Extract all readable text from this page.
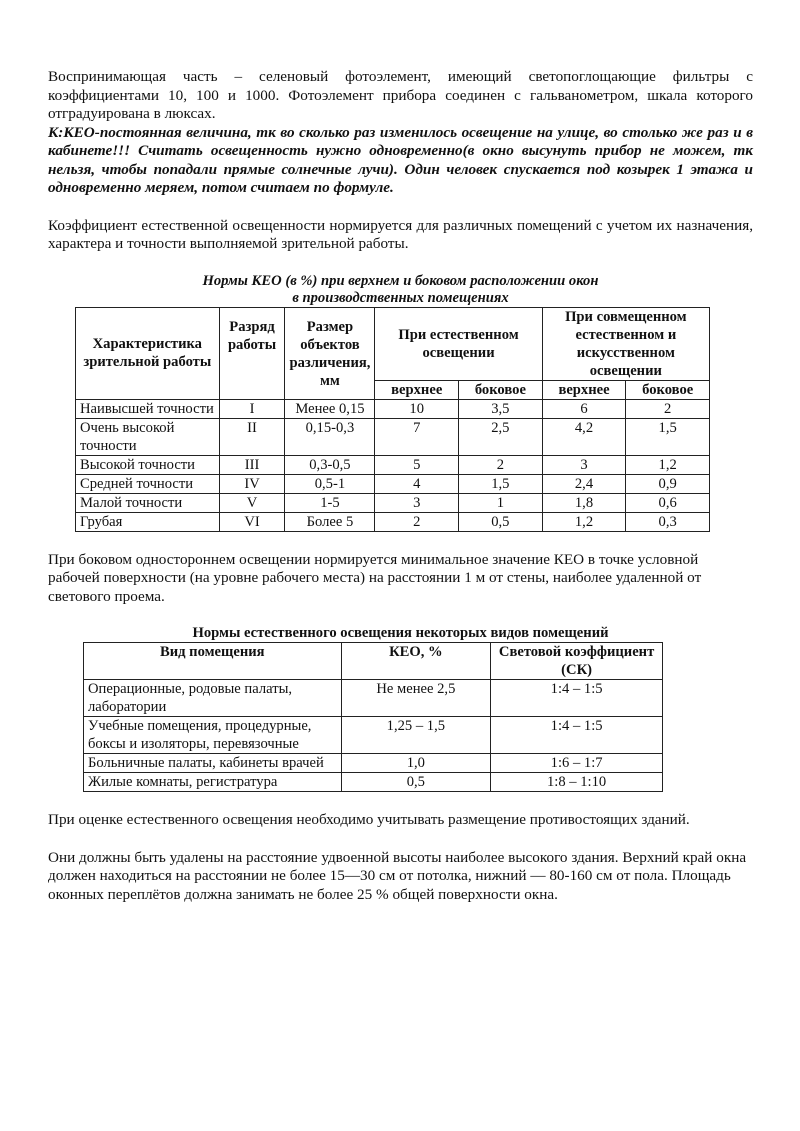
Воспринимающая часть – селеновый фотоэлемент, имеющий светопоглощающие фильтры с коэффициентами 10, 100 и 1000. Фотоэлемент прибора соединен с гальванометром, шкала которого отградуирована в люксах.

К:КЕО-постоянная величина, тк во сколько раз изменилось освещение на улице, во столько же раз и в кабинете!!! Считать освещенность нужно одновременно(в окно высунуть прибор не можем, тк нельзя, чтобы попадали прямые солнечные лучи). Один человек спускается под козырек 1 этажа и одновременно меряем, потом считаем по формуле.

Коэффициент естественной освещенности нормируется для различных помещений с учетом их назначения, характера и точности выполняемой зрительной работы.

Нормы КЕО (в %) при верхнем и боковом расположении окон
в производственных помещениях
Характеристика зрительной работы	Разряд работы	Размер объектов различения, мм	При естественном освещении		При совмещенном естественном и искусственном освещении	
			верхнее	боковое	верхнее	боковое
Наивысшей точности	I	Менее 0,15	10	3,5	6	2
Очень высокой точности	II	0,15-0,3	7	2,5	4,2	1,5
Высокой точности	III	0,3-0,5	5	2	3	1,2
Средней точности	IV	0,5-1	4	1,5	2,4	0,9
Малой точности	V	1-5	3	1	1,8	0,6
Грубая	VI	Более 5	2	0,5	1,2	0,3

При боковом одностороннем освещении нормируется минимальное значение КЕО в точке условной рабочей поверхности (на уровне рабочего места) на расстоянии 1 м от стены, наиболее удаленной от светового проема.

Нормы естественного освещения некоторых видов помещений
Вид помещения	КЕО, %	Световой коэффициент (СК)
Операционные, родовые палаты, лаборатории	Не менее 2,5	1:4 – 1:5
Учебные помещения, процедурные, боксы и изоляторы, перевязочные	1,25 – 1,5	1:4 – 1:5
Больничные палаты, кабинеты врачей	1,0	1:6 – 1:7
Жилые комнаты, регистратура	0,5	1:8 – 1:10

При оценке естественного освещения необходимо учитывать размещение противостоящих зданий.

Они должны быть удалены на расстояние удвоенной высоты наиболее высокого здания. Верхний край окна должен находиться на расстоянии не более 15—30 см от потолка, нижний — 80-160 см от пола. Площадь оконных переплётов должна занимать не более 25 % общей поверхности окна.
